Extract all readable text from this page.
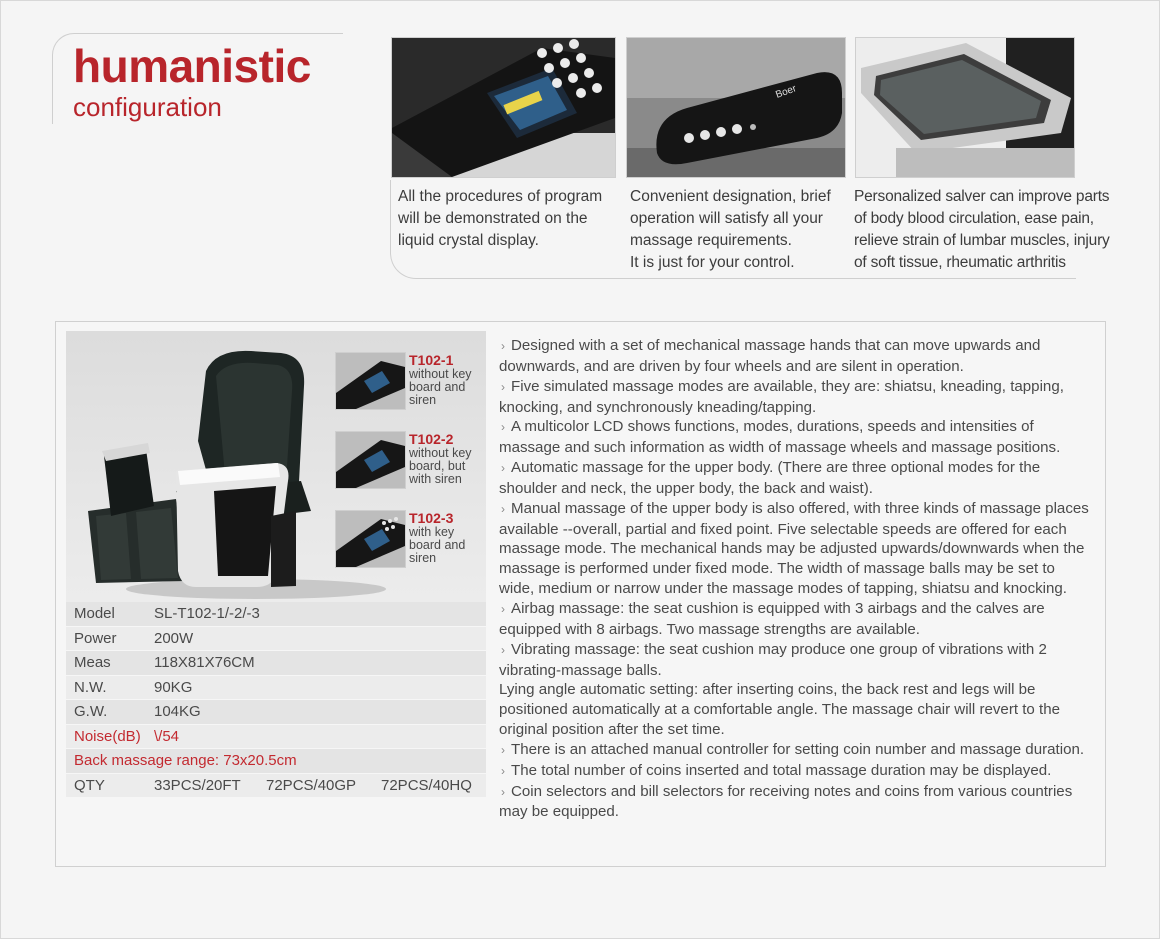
humanistic
configuration	Boer
All the procedures of program
will be demonstrated on the
liquid crystal display.
Convenient designation, brief
operation will satisfy all your
massage requirements.
It is just for your control.
Personalized salver can improve parts
of body blood circulation, ease pain,
relieve strain of lumbar muscles, injury
of soft tissue, rheumatic arthritis
T102-1
without key
board and
siren
T102-2
without key
board, but
with siren
T102-3
with key
board and
siren
Model	SL-T102-1/-2/-3
Power 200W
Meas	118X81X76CM
N.W.	90KG
G.W.	104KG
Noise(dB) \/54
Back massage range: 73x20.5cm
QTY	33PCS/20FT 72PCS/40GP 72PCS/40HQ

› Designed with a set of mechanical massage hands that can move upwards and downwards, and are driven by four wheels and are silent in operation.

› Five simulated massage modes are available, they are: shiatsu, kneading, tapping, knocking, and synchronously kneading/tapping.

› A multicolor LCD shows functions, modes, durations, speeds and intensities of massage and such information as width of massage wheels and massage positions.

› Automatic massage for the upper body. (There are three optional modes for the shoulder and neck, the upper body, the back and waist).

› Manual massage of the upper body is also offered, with three kinds of massage places available --overall, partial and fixed point. Five selectable speeds are offered for each massage mode. The mechanical hands may be adjusted upwards/downwards when the massage is performed under fixed mode. The width of massage balls may be set to wide, medium or narrow under the massage modes of tapping, shiatsu and knocking.

› Airbag massage: the seat cushion is equipped with 3 airbags and the calves are equipped with 8 airbags. Two massage strengths are available.

› Vibrating massage: the seat cushion may produce one group of vibrations with 2 vibrating-massage balls.

Lying angle automatic setting: after inserting coins, the back rest and legs will be positioned automatically at a comfortable angle. The massage chair will revert to the original position after the set time.

› There is an attached manual controller for setting coin number and massage duration.

› The total number of coins inserted and total massage duration may be displayed.

› Coin selectors and bill selectors for receiving notes and coins from various countries may be equipped.
